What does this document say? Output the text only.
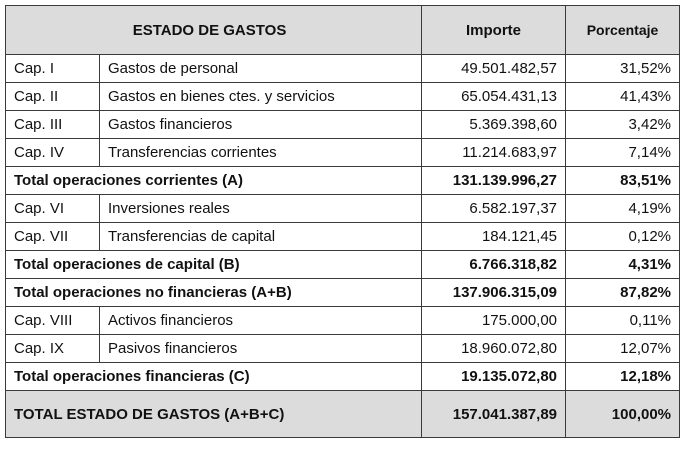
ESTADO DE GASTOS		Importe	Porcentaje
Cap. I	Gastos de personal	49.501.482,57	31,52%
Cap. II	Gastos en bienes ctes. y servicios	65.054.431,13	41,43%
Cap. III	Gastos financieros	5.369.398,60	3,42%
Cap. IV	Transferencias corrientes	11.214.683,97	7,14%
Total operaciones corrientes (A)		131.139.996,27	83,51%
Cap. VI	Inversiones reales	6.582.197,37	4,19%
Cap. VII	Transferencias de capital	184.121,45	0,12%
Total operaciones de capital (B)		6.766.318,82	4,31%
Total operaciones no financieras (A+B)		137.906.315,09	87,82%
Cap. VIII	Activos financieros	175.000,00	0,11%
Cap. IX	Pasivos financieros	18.960.072,80	12,07%
Total operaciones financieras (C)		19.135.072,80	12,18%
TOTAL ESTADO DE GASTOS (A+B+C)		157.041.387,89	100,00%
